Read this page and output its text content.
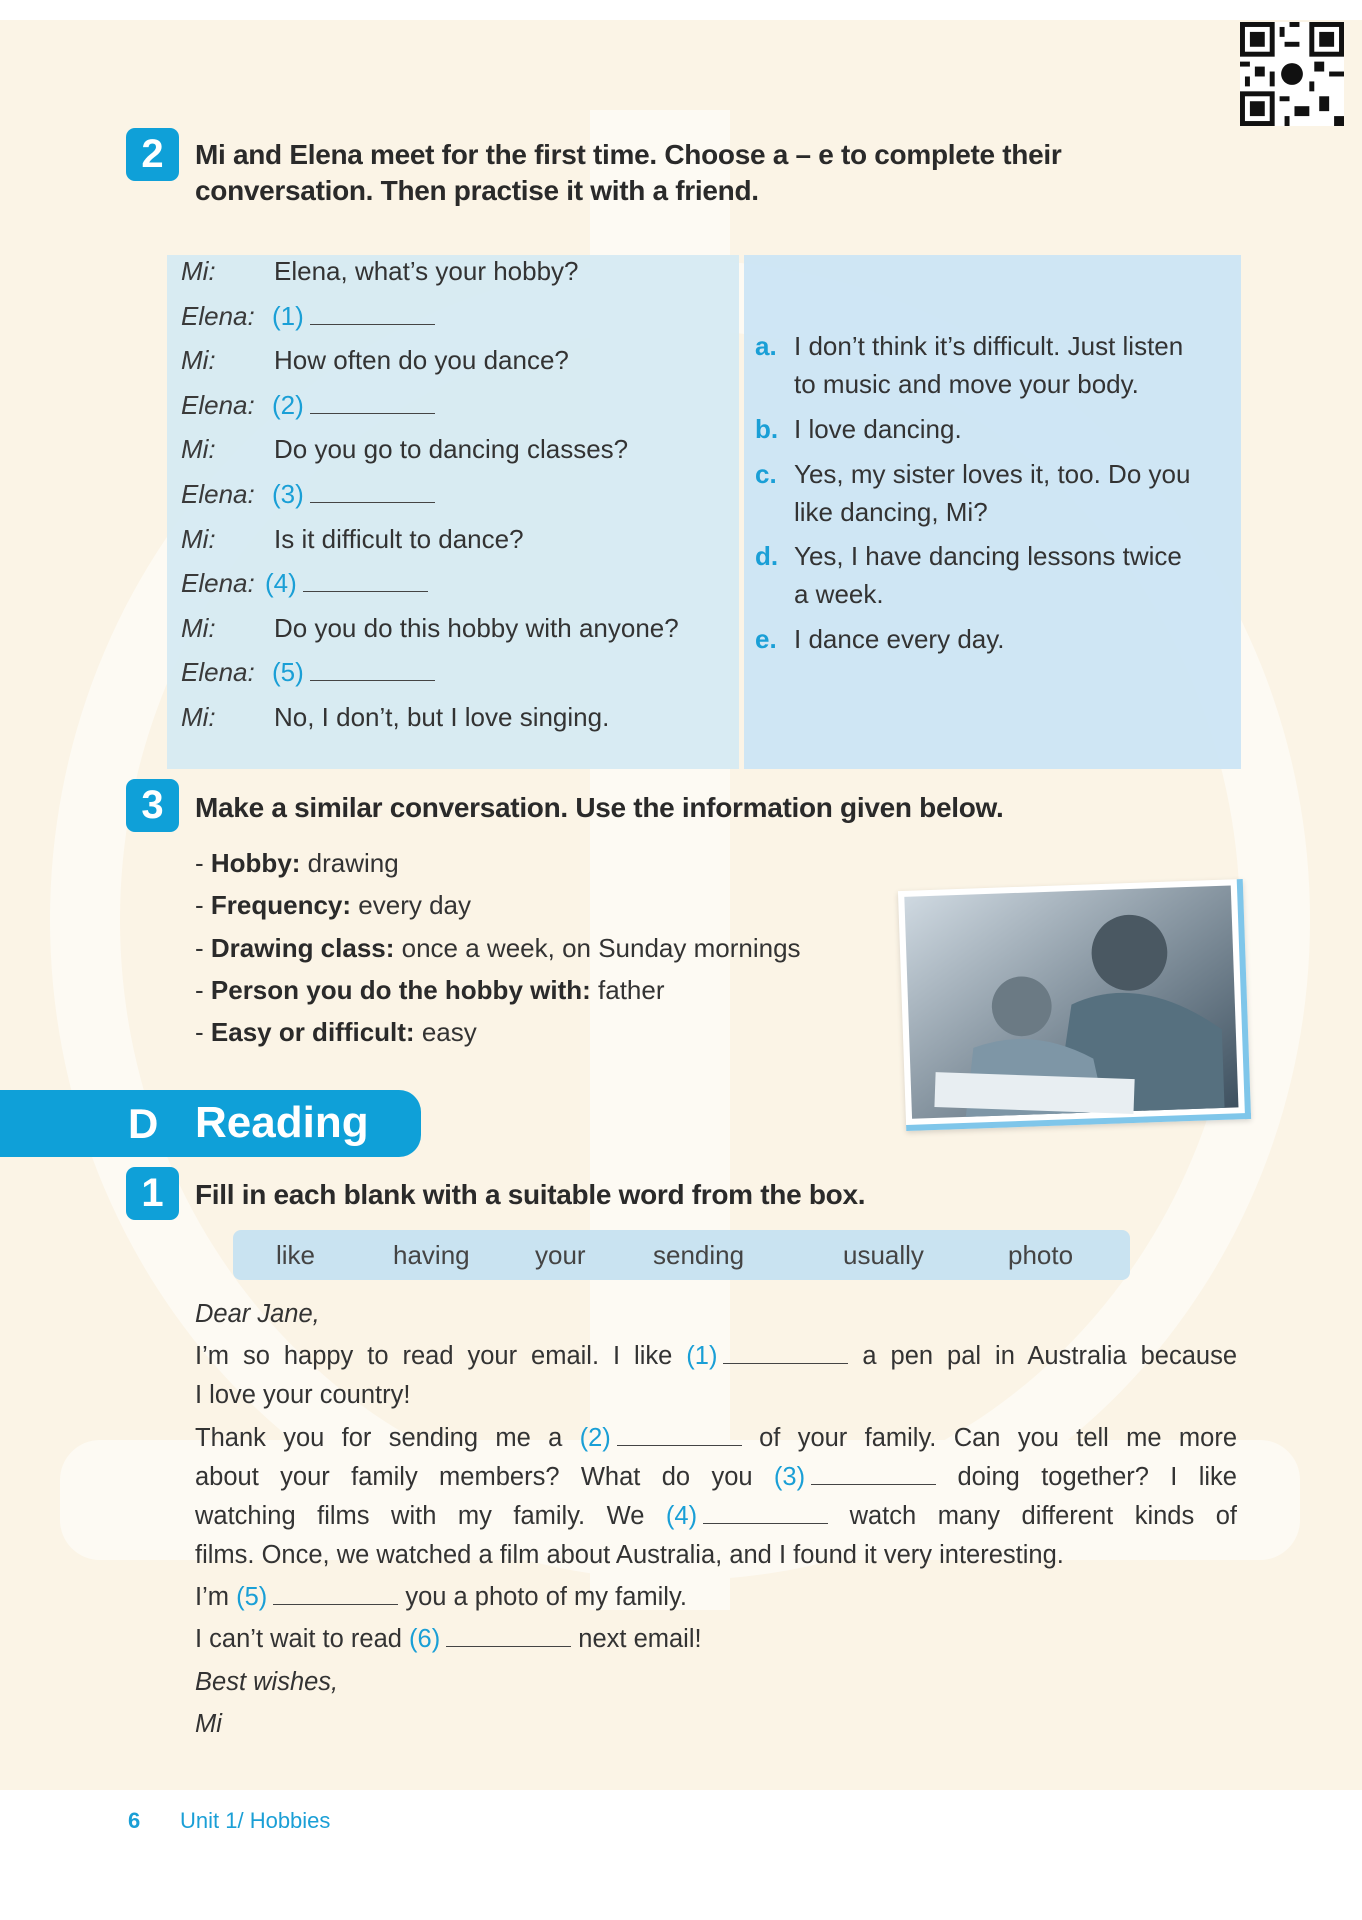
2	Mi and Elena meet for the first time. Choose a – e to complete their
conversation. Then practise it with a friend.
Mi: Elena, what’s your hobby?
Elena: (1)
Mi: How often do you dance?
Elena: (2)
Mi: Do you go to dancing classes?
Elena: (3)
Mi: Is it difficult to dance?
Elena: (4)
Mi: Do you do this hobby with anyone?
Elena: (5)
Mi: No, I don’t, but I love singing.
a. I don’t think it’s difficult. Just listen
to music and move your body.
b. I love dancing.
c. Yes, my sister loves it, too. Do you
like dancing, Mi?
d. Yes, I have dancing lessons twice
a week.
e. I dance every day.
3	Make a similar conversation. Use the information given below.
- Hobby: drawing
- Frequency: every day
- Drawing class: once a week, on Sunday mornings
- Person you do the hobby with: father
- Easy or difficult: easy
D Reading
1	Fill in each blank with a suitable word from the box.
like	having	your	sending	usually	photo
Dear Jane,
I’m so happy to read your email. I like (1)	a pen pal in Australia because
I love your country!
Thank you for sending me a (2)	of your family. Can you tell me more
about your family members? What do you (3)	doing together? I like
watching films with my family. We (4)	watch many different kinds of
films. Once, we watched a film about Australia, and I found it very interesting.
I’m (5)	you a photo of my family.
I can’t wait to read (6)	next email!
Best wishes,
Mi
6 Unit 1/ Hobbies
